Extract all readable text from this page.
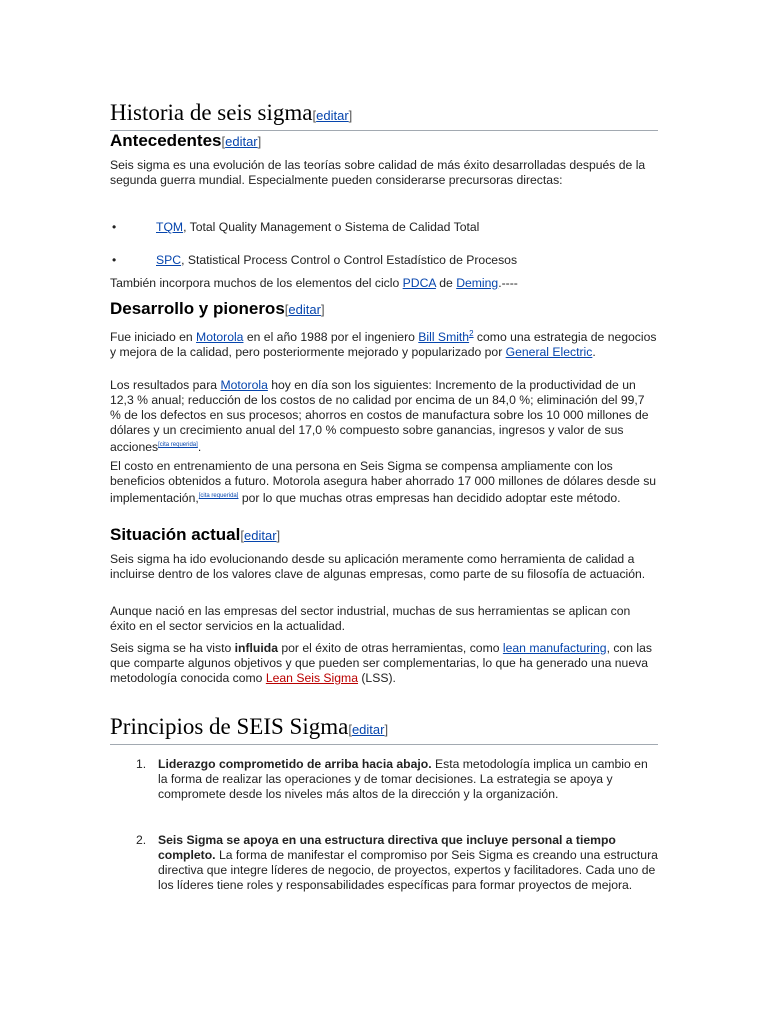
Historia de seis sigma[editar]
Antecedentes[editar]

Seis sigma es una evolución de las teorías sobre calidad de más éxito desarrolladas después de la segunda guerra mundial. Especialmente pueden considerarse precursoras directas:

•	TQM, Total Quality Management o Sistema de Calidad Total
•	SPC, Statistical Process Control o Control Estadístico de Procesos

También incorpora muchos de los elementos del ciclo PDCA de Deming.----

Desarrollo y pioneros[editar]

Fue iniciado en Motorola en el año 1988 por el ingeniero Bill Smith$^2$ como una estrategia de negocios y mejora de la calidad, pero posteriormente mejorado y popularizado por General Electric.

Los resultados para Motorola hoy en día son los siguientes: Incremento de la productividad de un 12,3 % anual; reducción de los costos de no calidad por encima de un 84,0 %; eliminación del 99,7 % de los defectos en sus procesos; ahorros en costos de manufactura sobre los 10 000 millones de dólares y un crecimiento anual del 17,0 % compuesto sobre ganancias, ingresos y valor de sus acciones[cita requerida].

El costo en entrenamiento de una persona en Seis Sigma se compensa ampliamente con los beneficios obtenidos a futuro. Motorola asegura haber ahorrado 17 000 millones de dólares desde su implementación,[cita requerida] por lo que muchas otras empresas han decidido adoptar este método.

Situación actual[editar]

Seis sigma ha ido evolucionando desde su aplicación meramente como herramienta de calidad a incluirse dentro de los valores clave de algunas empresas, como parte de su filosofía de actuación.

Aunque nació en las empresas del sector industrial, muchas de sus herramientas se aplican con éxito en el sector servicios en la actualidad.

Seis sigma se ha visto influida por el éxito de otras herramientas, como lean manufacturing, con las que comparte algunos objetivos y que pueden ser complementarias, lo que ha generado una nueva metodología conocida como Lean Seis Sigma (LSS).

Principios de SEIS Sigma[editar]
1. Liderazgo comprometido de arriba hacia abajo. Esta metodología implica un cambio en la forma de realizar las operaciones y de tomar decisiones. La estrategia se apoya y compromete desde los niveles más altos de la dirección y la organización.
2. Seis Sigma se apoya en una estructura directiva que incluye personal a tiempo completo. La forma de manifestar el compromiso por Seis Sigma es creando una estructura directiva que integre líderes de negocio, de proyectos, expertos y facilitadores. Cada uno de los líderes tiene roles y responsabilidades específicas para formar proyectos de mejora.
